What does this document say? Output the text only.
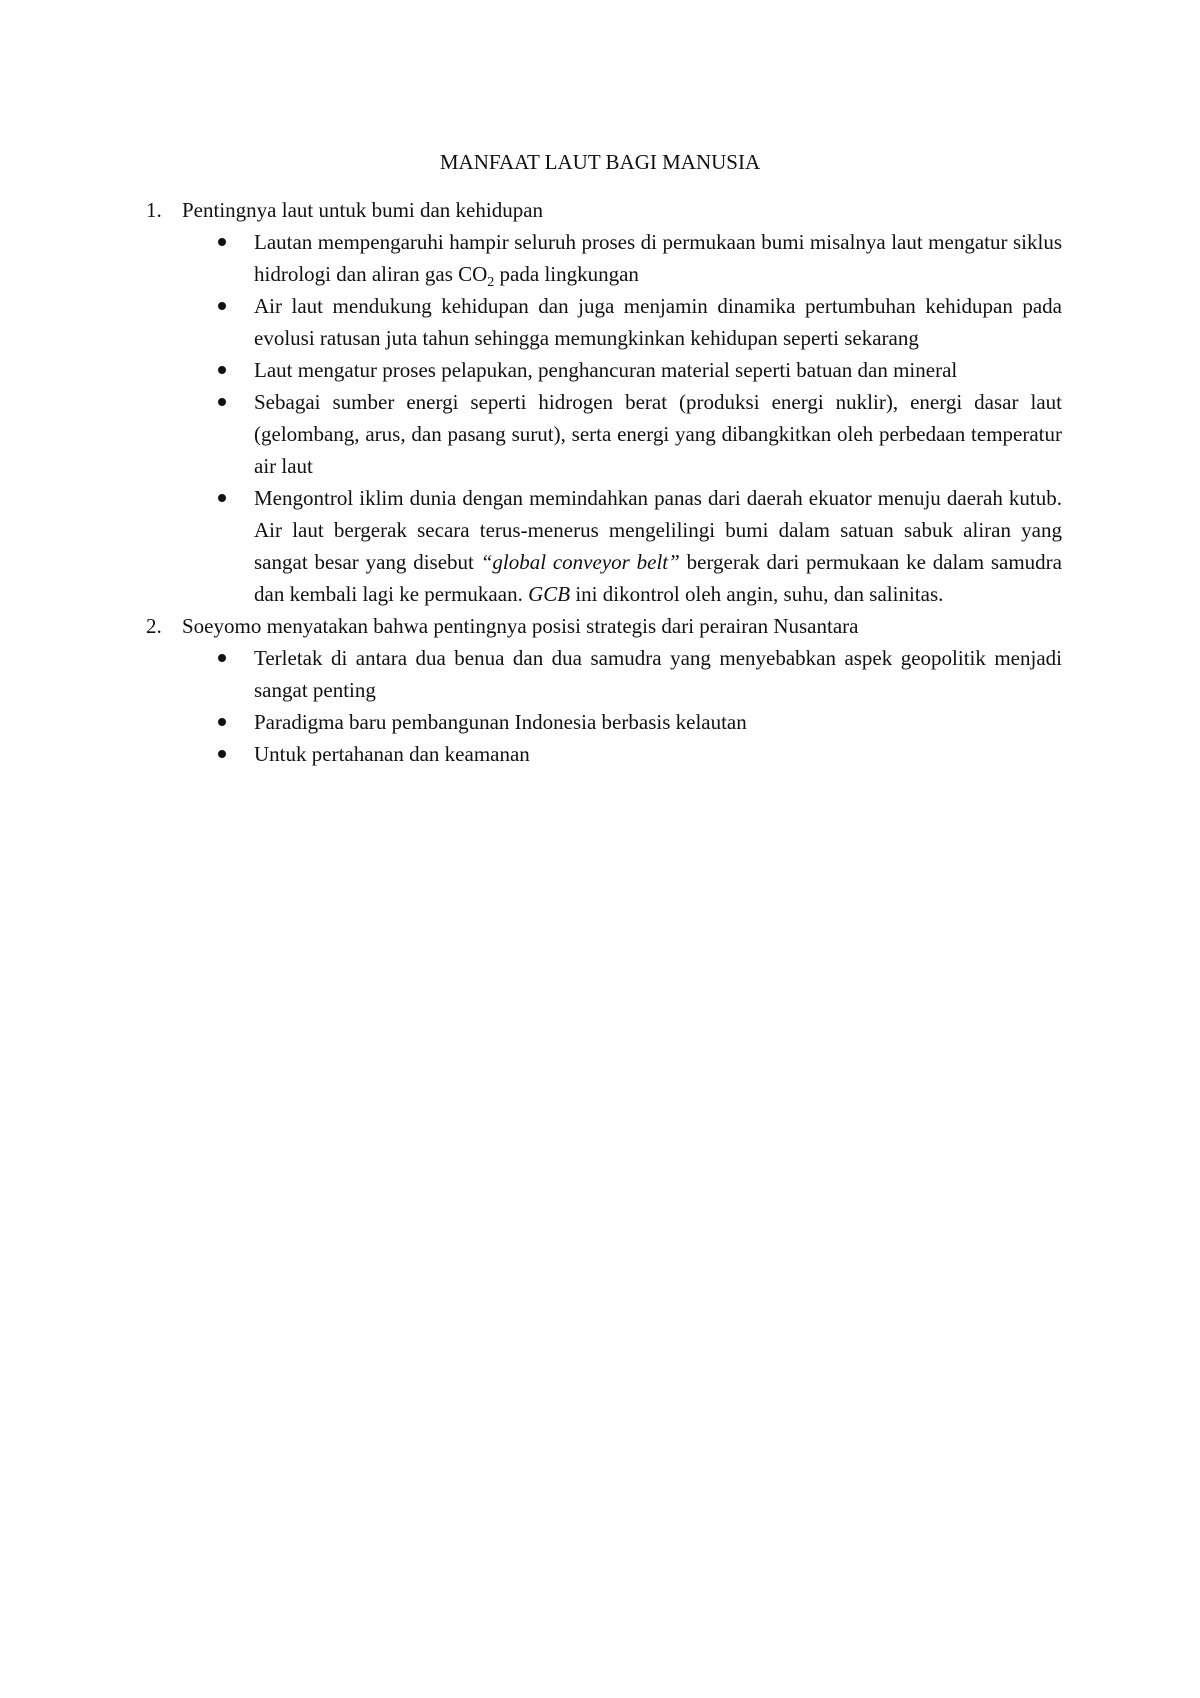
MANFAAT LAUT BAGI MANUSIA
1. Pentingnya laut untuk bumi dan kehidupan
Lautan mempengaruhi hampir seluruh proses di permukaan bumi misalnya laut mengatur siklus hidrologi dan aliran gas $CO_2$ pada lingkungan
Air laut mendukung kehidupan dan juga menjamin dinamika pertumbuhan kehidupan pada evolusi ratusan juta tahun sehingga memungkinkan kehidupan seperti sekarang
Laut mengatur proses pelapukan, penghancuran material seperti batuan dan mineral
Sebagai sumber energi seperti hidrogen berat (produksi energi nuklir), energi dasar laut (gelombang, arus, dan pasang surut), serta energi yang dibangkitkan oleh perbedaan temperatur air laut
Mengontrol iklim dunia dengan memindahkan panas dari daerah ekuator menuju daerah kutub. Air laut bergerak secara terus-menerus mengelilingi bumi dalam satuan sabuk aliran yang sangat besar yang disebut “global conveyor belt” bergerak dari permukaan ke dalam samudra dan kembali lagi ke permukaan. GCB ini dikontrol oleh angin, suhu, dan salinitas.
2. Soeyomo menyatakan bahwa pentingnya posisi strategis dari perairan Nusantara
Terletak di antara dua benua dan dua samudra yang menyebabkan aspek geopolitik menjadi sangat penting
Paradigma baru pembangunan Indonesia berbasis kelautan
Untuk pertahanan dan keamanan
